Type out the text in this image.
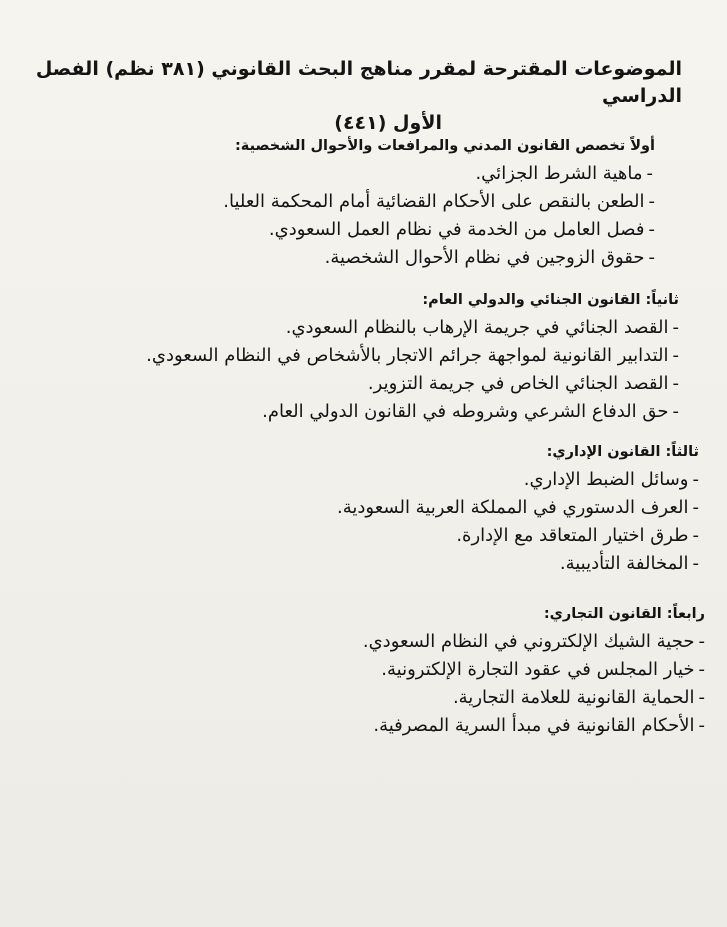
الموضوعات المقترحة لمقرر مناهج البحث القانوني (٣٨١ نظم) الفصل الدراسي
الأول (٤٤١)

أولاً تخصص القانون المدني والمرافعات والأحوال الشخصية:

-ماهية الشرط الجزائي.
-الطعن بالنقص على الأحكام القضائية أمام المحكمة العليا.
-فصل العامل من الخدمة في نظام العمل السعودي.
-حقوق الزوجين في نظام الأحوال الشخصية.

ثانياً: القانون الجنائي والدولي العام:

-القصد الجنائي في جريمة الإرهاب بالنظام السعودي.
-التدابير القانونية لمواجهة جرائم الاتجار بالأشخاص في النظام السعودي.
-القصد الجنائي الخاص في جريمة التزوير.
-حق الدفاع الشرعي وشروطه في القانون الدولي العام.

ثالثاً: القانون الإداري:

-وسائل الضبط الإداري.
-العرف الدستوري في المملكة العربية السعودية.
-طرق اختيار المتعاقد مع الإدارة.
-المخالفة التأديبية.

رابعاً: القانون التجاري:

-حجية الشيك الإلكتروني في النظام السعودي.
-خيار المجلس في عقود التجارة الإلكترونية.
-الحماية القانونية للعلامة التجارية.
-الأحكام القانونية في مبدأ السرية المصرفية.
